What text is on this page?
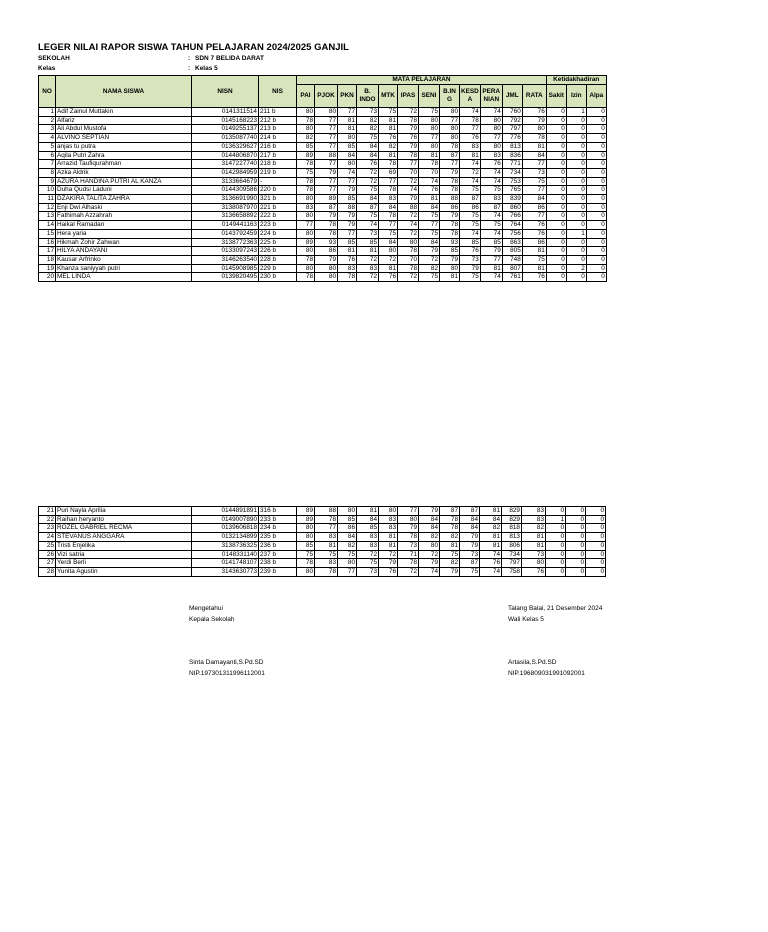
LEGER NILAI RAPOR SISWA TAHUN PELAJARAN 2024/2025 GANJIL
SEKOLAH	: SDN 7 BELIDA DARAT
Kelas	: Kelas 5
NO	NAMA SISWA	NISN	NIS	MATA PELAJARAN												Ketidakhadiran		
				PAI	PJOK	PKN	B. INDO	MTK	IPAS	SENI	B.IN G	KESD A	PERA NIAN	JML	RATA			
																Sakit	Izin	Alpa
1	Adif Zainul Muttakin	0141311514	211 b	80	80	77	73	75	72	75	80	74	74	760	76	0	1	0
2	Alfariz	0145168223	212 b	78	77	81	82	81	78	80	77	78	80	792	79	0	0	0
3	Ali Abdul Mustofa	0149255137	213 b	80	77	81	82	81	79	80	80	77	80	797	80	0	0	0
4	ALVINO SEPTIAN	0135087740	214 b	82	77	80	75	76	76	77	80	76	77	776	78	0	0	0
5	anjas tu putra	0136329627	216 b	85	77	85	84	82	79	80	78	83	80	813	81	0	0	0
6	Aqila Putri Zahra	0144806870	217 b	89	88	84	84	81	78	81	87	81	83	836	84	0	0	0
7	Arrazid Taufiqurahman	3147227740	218 b	78	77	80	76	78	77	78	77	74	76	771	77	0	0	0
8	Azka Aldrik	0142984959	219 b	75	79	74	72	69	70	70	79	72	74	734	73	0	0	0
9	AZURA HANDINA PUTRI AL KANZA	3133664679	-	78	77	77	72	77	72	74	78	74	74	753	75	0	0	0
10	Duha Qudsi Laduni	0144309586	220 b	78	77	79	75	78	74	76	78	75	75	765	77	0	0	0
11	DZAKIRA TALITA ZAHRA	3136691990	321 b	80	89	85	84	83	79	81	88	87	83	839	84	0	0	0
12	Enji Dwi Alhaski	3138087970	221 b	83	87	88	87	84	88	84	86	86	87	860	86	0	0	0
13	Fathimah Azzahrah	3136658892	222 b	80	79	79	75	78	72	75	79	75	74	766	77	0	0	0
14	Haikal Ramadan	0149441163	223 b	77	78	79	74	77	74	77	78	75	75	764	76	0	0	0
15	Hera yaria	0143792459	224 b	80	78	77	73	75	72	75	78	74	74	756	76	0	1	0
16	Hikmah Zohir Zahwan	3138772363	225 b	89	93	85	85	84	80	84	93	85	85	863	86	0	0	0
17	HILYA ANDAYANI	0133097243	226 b	80	86	81	81	80	78	79	85	76	79	805	81	0	0	0
18	Kausar Arfrinko	3146263540	228 b	78	79	76	72	72	70	72	79	73	77	748	75	0	0	0
19	Khanza saniyyah putri	0145908985	229 b	80	80	83	83	81	78	82	80	79	81	807	81	0	2	0
20	MEL LINDA	0139820495	230 b	78	80	78	72	76	72	75	81	75	74	761	76	0	0	0
21	Puri Nayla Aprilia	0144891891	316 b	89	88	80	81	80	77	79	87	87	81	829	83	0	0	0
22	Raihan heryanto	0149007890	233 b	89	78	85	84	83	80	84	78	84	84	829	83	1	0	0
23	ROZEL GABRIEL RECMA	0139606818	234 b	80	77	86	85	83	79	84	78	84	82	818	82	0	0	0
24	STEVANUS ANGGARA	0132134899	235 b	80	83	84	83	81	78	82	82	79	81	813	81	0	0	0
25	Tristi Enjelika	3138736325	236 b	85	81	82	83	81	73	80	81	79	81	806	81	0	0	0
26	Vizi satria	0148331140	237 b	75	75	75	72	72	71	72	75	73	74	734	73	0	0	0
27	Yerdi Berli	0141748107	238 b	78	83	80	75	79	78	79	82	87	76	797	80	0	0	0
28	Yunita Agustin	3143630773	239 b	80	78	77	73	76	72	74	79	75	74	758	76	0	0	0
Mengetahui
Kepala Sekolah
Sinta Damayanti,S.Pd.SD
NIP.197301311996112001
Talang Balai, 21 Desember 2024
Wali Kelas 5
Artasila,S.Pd.SD
NIP.196809031991092001
